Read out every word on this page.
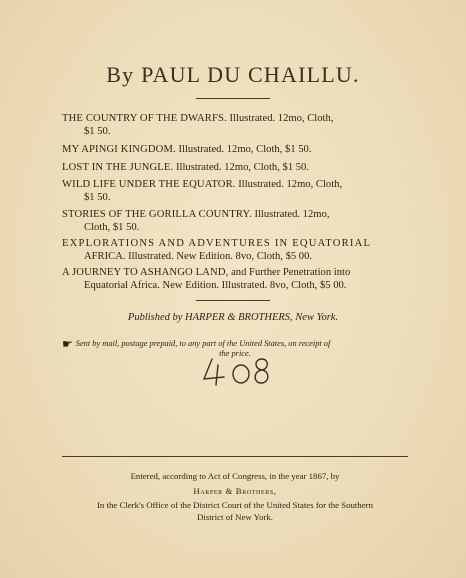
By PAUL DU CHAILLU.
THE COUNTRY OF THE DWARFS. Illustrated. 12mo, Cloth,
$1 50.
MY APINGI KINGDOM. Illustrated. 12mo, Cloth, $1 50.
LOST IN THE JUNGLE. Illustrated. 12mo, Cloth, $1 50.
WILD LIFE UNDER THE EQUATOR. Illustrated. 12mo, Cloth,
$1 50.
STORIES OF THE GORILLA COUNTRY. Illustrated. 12mo,
Cloth, $1 50.
EXPLORATIONS AND ADVENTURES IN EQUATORIAL
AFRICA. Illustrated. New Edition. 8vo, Cloth, $5 00.
A JOURNEY TO ASHANGO LAND, and Further Penetration into
Equatorial Africa. New Edition. Illustrated. 8vo, Cloth, $5 00.
Published by HARPER & BROTHERS, New York.
☛ Sent by mail, postage prepaid, to any part of the United States, on receipt of
the price.
Entered, according to Act of Congress, in the year 1867, by
Harper & Brothers,
In the Clerk's Office of the District Court of the United States for the Southern
District of New York.
